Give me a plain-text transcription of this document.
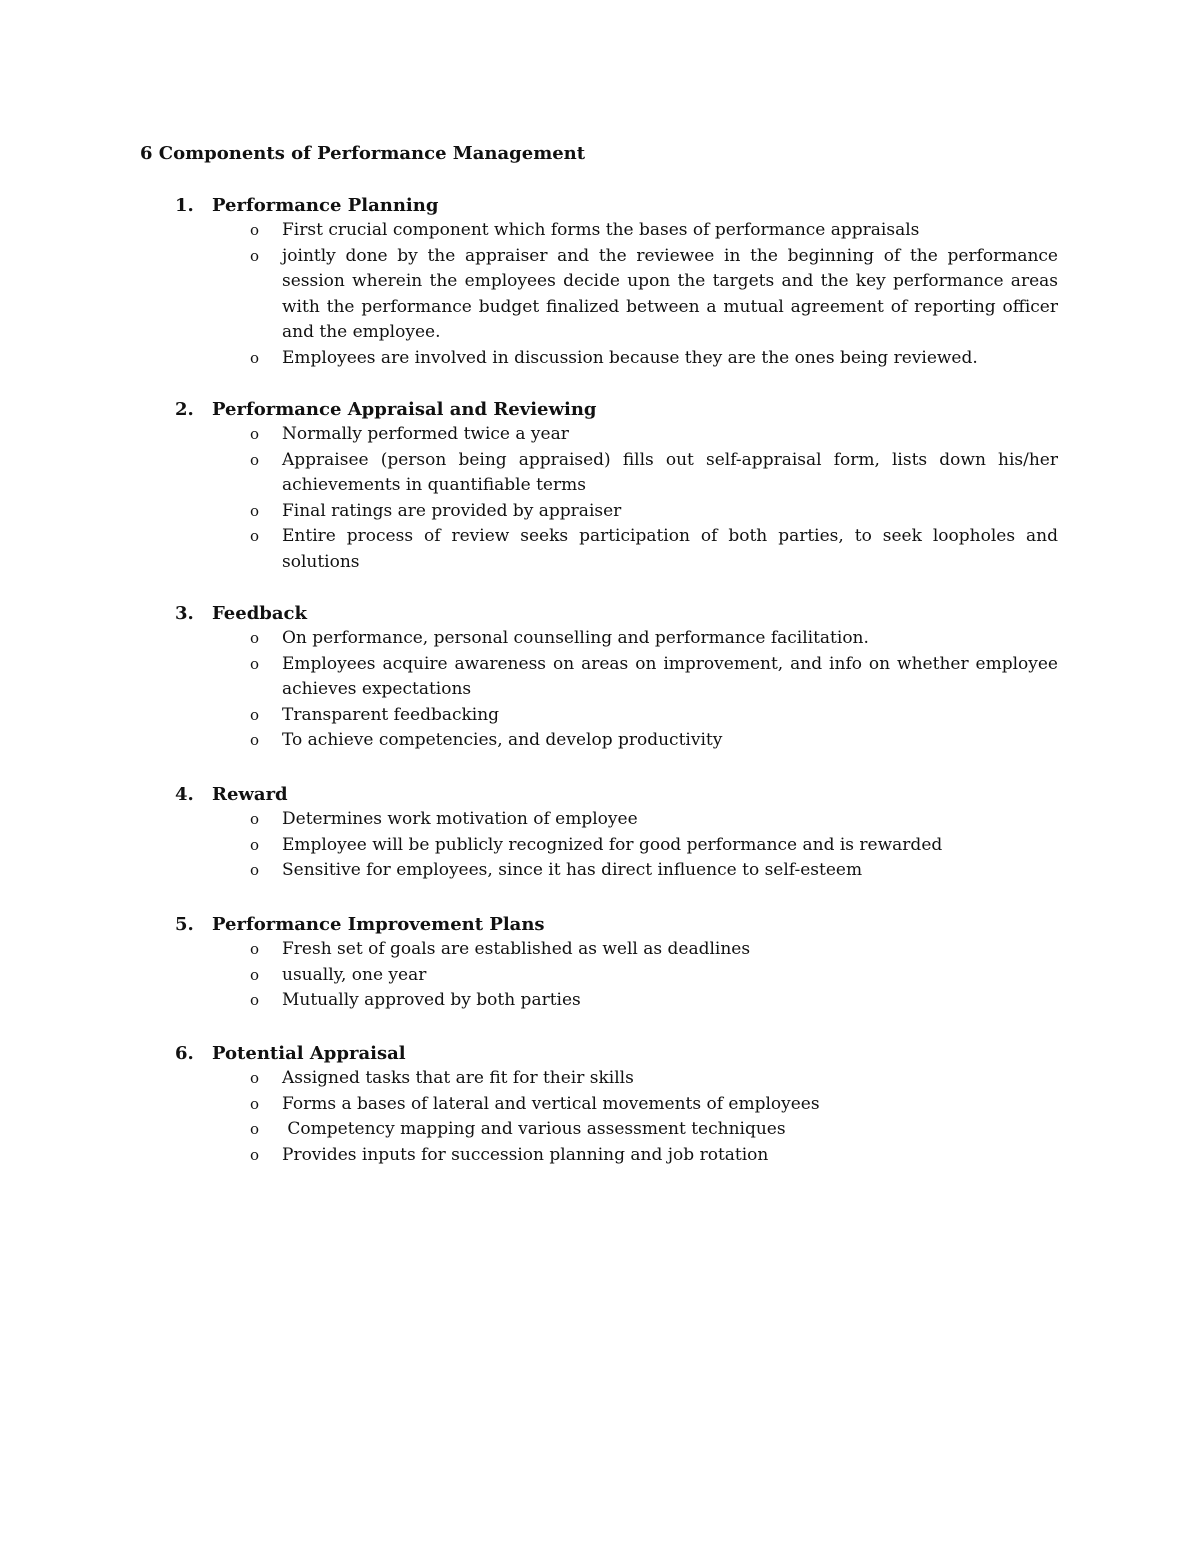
6 Components of Performance Management
1.	Performance Planning
o First crucial component which forms the bases of performance appraisals
o jointly done by the appraiser and the reviewee in the beginning of the performance session wherein the employees decide upon the targets and the key performance areas with the performance budget finalized between a mutual agreement of reporting officer and the employee.
o Employees are involved in discussion because they are the ones being reviewed.
2.	Performance Appraisal and Reviewing
o Normally performed twice a year
o Appraisee (person being appraised) fills out self-appraisal form, lists down his/her achievements in quantifiable terms
o Final ratings are provided by appraiser
o Entire process of review seeks participation of both parties, to seek loopholes and solutions
3.	Feedback
o On performance, personal counselling and performance facilitation.
o Employees acquire awareness on areas on improvement, and info on whether employee achieves expectations
o Transparent feedbacking
o To achieve competencies, and develop productivity
4.	Reward
o Determines work motivation of employee
o Employee will be publicly recognized for good performance and is rewarded
o Sensitive for employees, since it has direct influence to self-esteem
5.	Performance Improvement Plans
o Fresh set of goals are established as well as deadlines
o usually, one year
o Mutually approved by both parties
6.	Potential Appraisal
o Assigned tasks that are fit for their skills
o Forms a bases of lateral and vertical movements of employees
o Competency mapping and various assessment techniques
o Provides inputs for succession planning and job rotation
